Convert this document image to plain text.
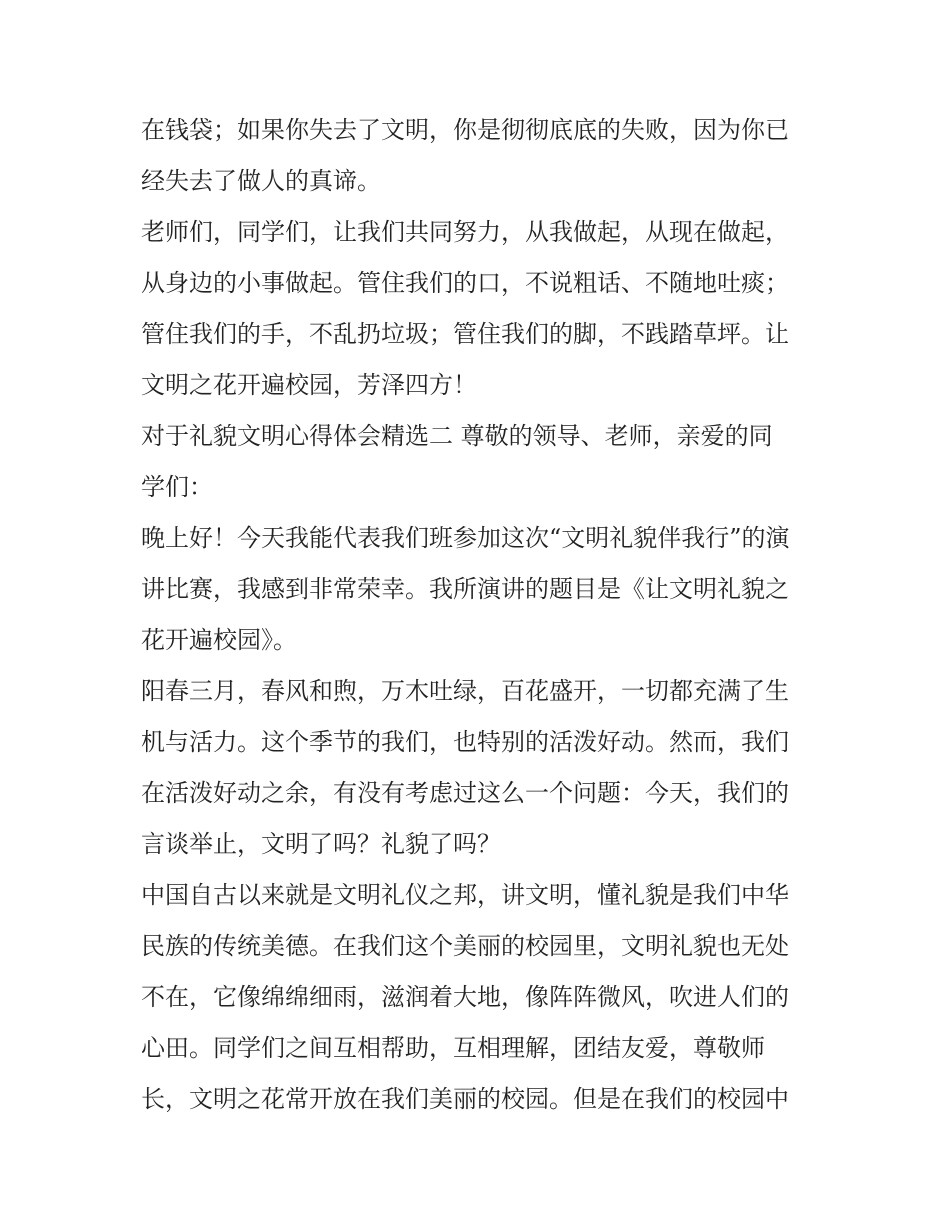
在钱袋；如果你失去了文明，你是彻彻底底的失败，因为你已
经失去了做人的真谛。
老师们，同学们，让我们共同努力，从我做起，从现在做起，
从身边的小事做起。管住我们的口，不说粗话、不随地吐痰；
管住我们的手，不乱扔垃圾；管住我们的脚，不践踏草坪。让
文明之花开遍校园，芳泽四方！
对于礼貌文明心得体会精选二 尊敬的领导、老师，亲爱的同
学们：
晚上好！今天我能代表我们班参加这次“文明礼貌伴我行”的演
讲比赛，我感到非常荣幸。我所演讲的题目是《让文明礼貌之
花开遍校园》。
阳春三月，春风和煦，万木吐绿，百花盛开，一切都充满了生
机与活力。这个季节的我们，也特别的活泼好动。然而，我们
在活泼好动之余，有没有考虑过这么一个问题：今天，我们的
言谈举止，文明了吗？礼貌了吗？
中国自古以来就是文明礼仪之邦，讲文明，懂礼貌是我们中华
民族的传统美德。在我们这个美丽的校园里，文明礼貌也无处
不在，它像绵绵细雨，滋润着大地，像阵阵微风，吹进人们的
心田。同学们之间互相帮助，互相理解，团结友爱，尊敬师
长，文明之花常开放在我们美丽的校园。但是在我们的校园中
